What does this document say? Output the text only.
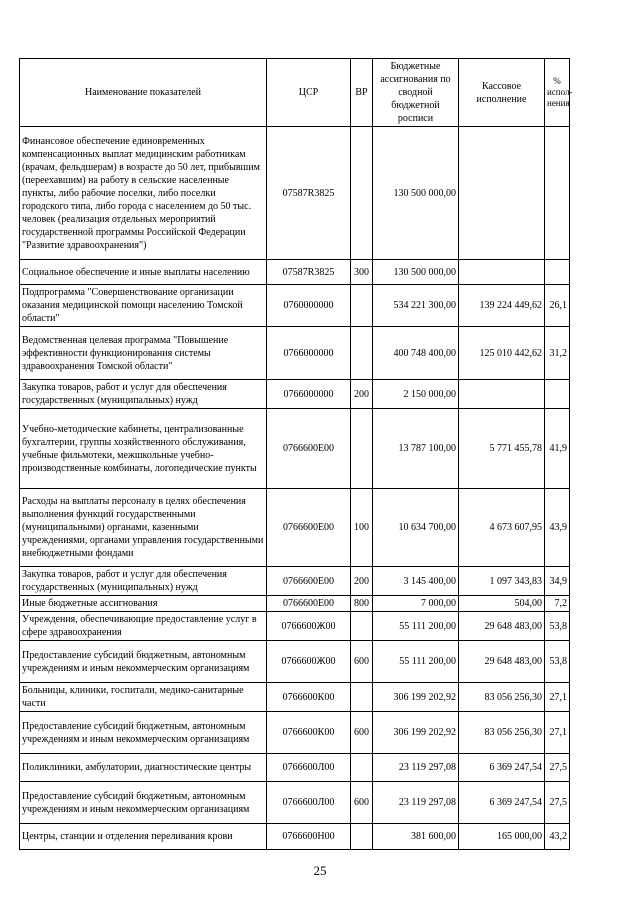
Наименование показателей	ЦСР	ВР	Бюджетные ассигнования по сводной бюджетной росписи	Кассовое исполнение	% испол-нения
Финансовое обеспечение единовременных компенсационных выплат медицинским работникам (врачам, фельдшерам) в возрасте до 50 лет, прибывшим (переехавшим) на работу в сельские населенные пункты, либо рабочие поселки, либо поселки городского типа, либо города с населением до 50 тыс. человек (реализация отдельных мероприятий государственной программы Российской Федерации "Развитие здравоохранения")	07587R3825		130 500 000,00		
Социальное обеспечение и иные выплаты населению	07587R3825	300	130 500 000,00		
Подпрограмма "Совершенствование организации оказания медицинской помощи населению Томской области"	0760000000		534 221 300,00	139 224 449,62	26,1
Ведомственная целевая программа "Повышение эффективности функционирования системы здравоохранения Томской области"	0766000000		400 748 400,00	125 010 442,62	31,2
Закупка товаров, работ и услуг для обеспечения государственных (муниципальных) нужд	0766000000	200	2 150 000,00		
Учебно-методические кабинеты, централизованные бухгалтерии, группы хозяйственного обслуживания, учебные фильмотеки, межшкольные учебно-производственные комбинаты, логопедические пункты	0766600Е00		13 787 100,00	5 771 455,78	41,9
Расходы на выплаты персоналу в целях обеспечения выполнения функций государственными (муниципальными) органами, казенными учреждениями, органами управления государственными внебюджетными фондами	0766600Е00	100	10 634 700,00	4 673 607,95	43,9
Закупка товаров, работ и услуг для обеспечения государственных (муниципальных) нужд	0766600Е00	200	3 145 400,00	1 097 343,83	34,9
Иные бюджетные ассигнования	0766600Е00	800	7 000,00	504,00	7,2
Учреждения, обеспечивающие предоставление услуг в сфере здравоохранения	0766600Ж00		55 111 200,00	29 648 483,00	53,8
Предоставление субсидий бюджетным, автономным учреждениям и иным некоммерческим организациям	0766600Ж00	600	55 111 200,00	29 648 483,00	53,8
Больницы, клиники, госпитали, медико-санитарные части	0766600К00		306 199 202,92	83 056 256,30	27,1
Предоставление субсидий бюджетным, автономным учреждениям и иным некоммерческим организациям	0766600К00	600	306 199 202,92	83 056 256,30	27,1
Поликлиники, амбулатории, диагностические центры	0766600Л00		23 119 297,08	6 369 247,54	27,5
Предоставление субсидий бюджетным, автономным учреждениям и иным некоммерческим организациям	0766600Л00	600	23 119 297,08	6 369 247,54	27,5
Центры, станции и отделения переливания крови	0766600Н00		381 600,00	165 000,00	43,2
25
